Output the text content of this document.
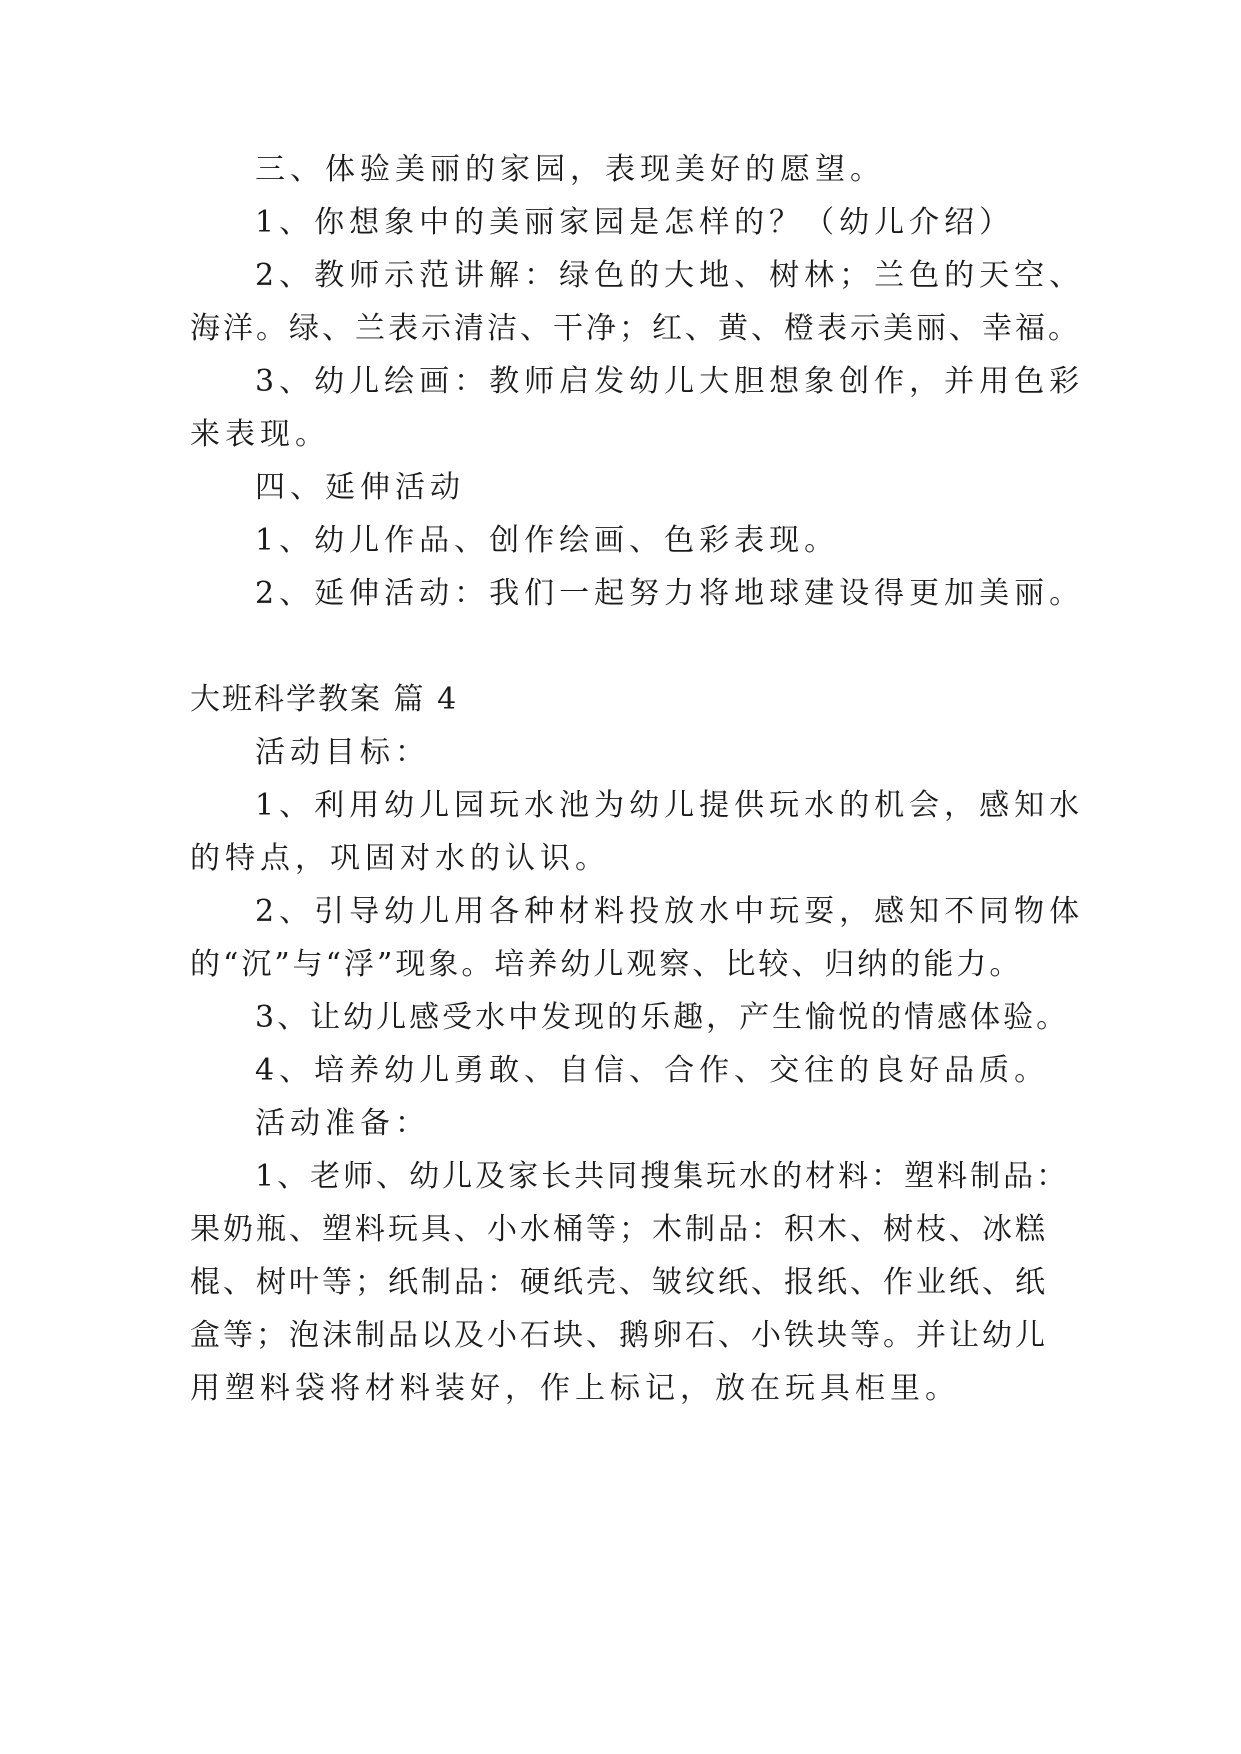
三、体验美丽的家园，表现美好的愿望。
1、你想象中的美丽家园是怎样的？（幼儿介绍）
2、教师示范讲解：绿色的大地、树林；兰色的天空、
海洋。绿、兰表示清洁、干净；红、黄、橙表示美丽、幸福。
3、幼儿绘画：教师启发幼儿大胆想象创作，并用色彩
来表现。
四、延伸活动
1、幼儿作品、创作绘画、色彩表现。
2、延伸活动：我们一起努力将地球建设得更加美丽。
大班科学教案 篇 4
活动目标：
1、利用幼儿园玩水池为幼儿提供玩水的机会，感知水
的特点，巩固对水的认识。
2、引导幼儿用各种材料投放水中玩耍，感知不同物体
的“沉”与“浮”现象。培养幼儿观察、比较、归纳的能力。
3、让幼儿感受水中发现的乐趣，产生愉悦的情感体验。
4、培养幼儿勇敢、自信、合作、交往的良好品质。
活动准备：
1、老师、幼儿及家长共同搜集玩水的材料：塑料制品：
果奶瓶、塑料玩具、小水桶等；木制品：积木、树枝、冰糕
棍、树叶等；纸制品：硬纸壳、皱纹纸、报纸、作业纸、纸
盒等；泡沫制品以及小石块、鹅卵石、小铁块等。并让幼儿
用塑料袋将材料装好，作上标记，放在玩具柜里。
